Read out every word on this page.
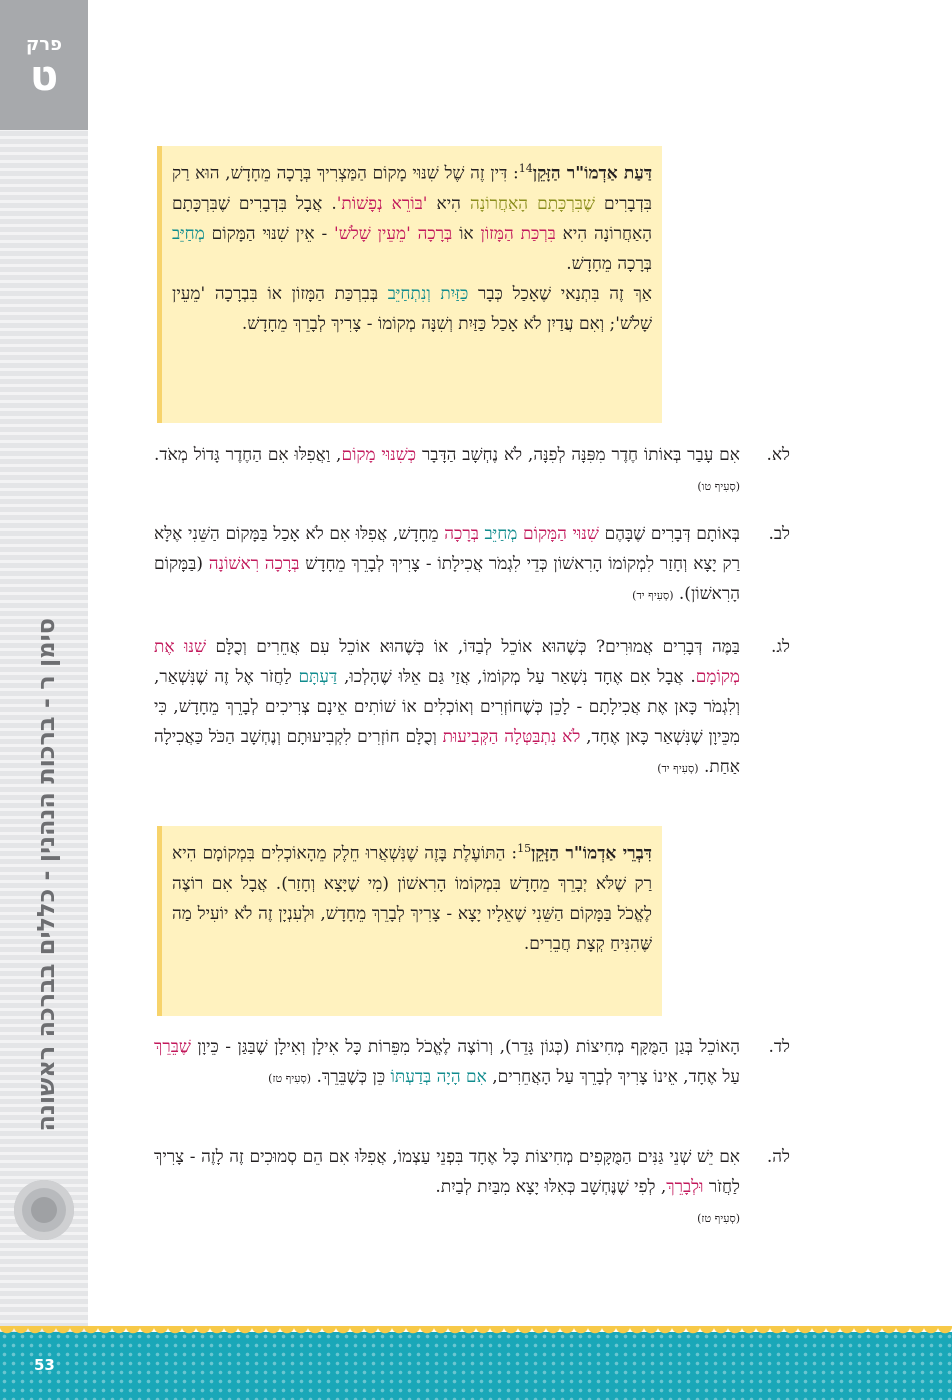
פרק
ט
סימן ר - ברכות הנהנין - כללים בברכה ראשונה
53
דַּעַת אַדְמוֹ"ר הַזָּקֵן$^{14}$: דִּין זֶה שֶׁל שִׁנּוּי מָקוֹם הַמַּצְרִיךְ בְּרָכָה מֵחָדָשׁ, הוּא רַק בִּדְבָרִים שֶׁבִּרְכָּתָם הָאַחֲרוֹנָה הִיא 'בּוֹרֵא נְפָשׁוֹת'. אֲבָל בִּדְבָרִים שֶׁבִּרְכָּתָם הָאַחֲרוֹנָה הִיא בִּרְכַּת הַמָּזוֹן אוֹ בְּרָכָה 'מֵעֵין שָׁלֹשׁ' - אֵין שִׁנּוּי הַמָּקוֹם מְחַיֵּב בְּרָכָה מֵחָדָשׁ.
אַךְ זֶה בִּתְנַאי שֶׁאָכַל כְּבָר כַּזַּיִת וְנִתְחַיֵּב בְּבִרְכַּת הַמָּזוֹן אוֹ בִּבְרָכָה 'מֵעֵין שָׁלֹשׁ'; וְאִם עֲדַיִן לֹא אָכַל כַּזַּיִת וְשִׁנָּה מְקוֹמוֹ - צָרִיךְ לְבָרֵךְ מֵחָדָשׁ.
לא.
אִם עָבַר בְּאוֹתוֹ חֶדֶר מִפִּנָּה לְפִנָּה, לֹא נֶחְשָׁב הַדָּבָר כְּשִׁנּוּי מָקוֹם, וַאֲפִלּוּ אִם הַחֶדֶר גָּדוֹל מְאֹד. (סְעִיף טו)
לב.
בְּאוֹתָם דְּבָרִים שֶׁבָּהֶם שִׁנּוּי הַמָּקוֹם מְחַיֵּב בְּרָכָה מֵחָדָשׁ, אֲפִלּוּ אִם לֹא אָכַל בַּמָּקוֹם הַשֵּׁנִי אֶלָּא רַק יָצָא וְחָזַר לִמְקוֹמוֹ הָרִאשׁוֹן כְּדֵי לִגְמֹר אֲכִילָתוֹ - צָרִיךְ לְבָרֵךְ מֵחָדָשׁ בְּרָכָה רִאשׁוֹנָה (בַּמָּקוֹם הָרִאשׁוֹן). (סְעִיף יד)
לג.
בַּמֶּה דְּבָרִים אֲמוּרִים? כְּשֶׁהוּא אוֹכֵל לְבַדּוֹ, אוֹ כְּשֶׁהוּא אוֹכֵל עִם אֲחֵרִים וְכֻלָּם שִׁנּוּ אֶת מְקוֹמָם. אֲבָל אִם אֶחָד נִשְׁאַר עַל מְקוֹמוֹ, אֲזַי גַּם אֵלּוּ שֶׁהָלְכוּ, דַּעְתָּם לַחֲזֹר אֶל זֶה שֶׁנִּשְׁאַר, וְלִגְמֹר כָּאן אֶת אֲכִילָתָם - לָכֵן כְּשֶׁחוֹזְרִים וְאוֹכְלִים אוֹ שׁוֹתִים אֵינָם צְרִיכִים לְבָרֵךְ מֵחָדָשׁ, כִּי מִכֵּיוָן שֶׁנִּשְׁאַר כָּאן אֶחָד, לֹא נִתְבַּטְּלָה הַקְּבִיעוּת וְכֻלָּם חוֹזְרִים לִקְבִיעוּתָם וְנֶחְשָׁב הַכֹּל כַּאֲכִילָה אַחַת. (סְעִיף יד)
דִּבְרֵי אַדְמוֹ"ר הַזָּקֵן$^{15}$: הַתּוֹעֶלֶת בָּזֶה שֶׁנִּשְׁאֲרוּ חֵלֶק מֵהָאוֹכְלִים בִּמְקוֹמָם הִיא רַק שֶׁלֹּא יְבָרֵךְ מֵחָדָשׁ בִּמְקוֹמוֹ הָרִאשׁוֹן (מִי שֶׁיָּצָא וְחָזַר). אֲבָל אִם רוֹצֶה לֶאֱכֹל בַּמָּקוֹם הַשֵּׁנִי שֶׁאֵלָיו יָצָא - צָרִיךְ לְבָרֵךְ מֵחָדָשׁ, וּלְעִנְיָן זֶה לֹא יוֹעִיל מַה שֶּׁהִנִּיחַ קְצָת חֲבֵרִים.
לד.
הָאוֹכֵל בְּגַן הַמֻּקָּף מְחִיצוֹת (כְּגוֹן גָּדֵר), וְרוֹצֶה לֶאֱכֹל מִפֵּרוֹת כָּל אִילָן וְאִילָן שֶׁבַּגַּן - כֵּיוָן שֶׁבֵּרֵךְ עַל אֶחָד, אֵינוֹ צָרִיךְ לְבָרֵךְ עַל הָאֲחֵרִים, אִם הָיָה בְּדַעְתּוֹ כֵּן כְּשֶׁבֵּרֵךְ. (סְעִיף טז)
לה.
אִם יֵשׁ שְׁנֵי גַּנִּים הַמֻּקָּפִים מְחִיצוֹת כָּל אֶחָד בִּפְנֵי עַצְמוֹ, אֲפִלּוּ אִם הֵם סְמוּכִים זֶה לָזֶה - צָרִיךְ לַחֲזֹר וּלְבָרֵךְ, לְפִי שֶׁנֶּחְשָׁב כְּאִלּוּ יָצָא מִבַּיִת לְבַיִת.
(סְעִיף טז)
